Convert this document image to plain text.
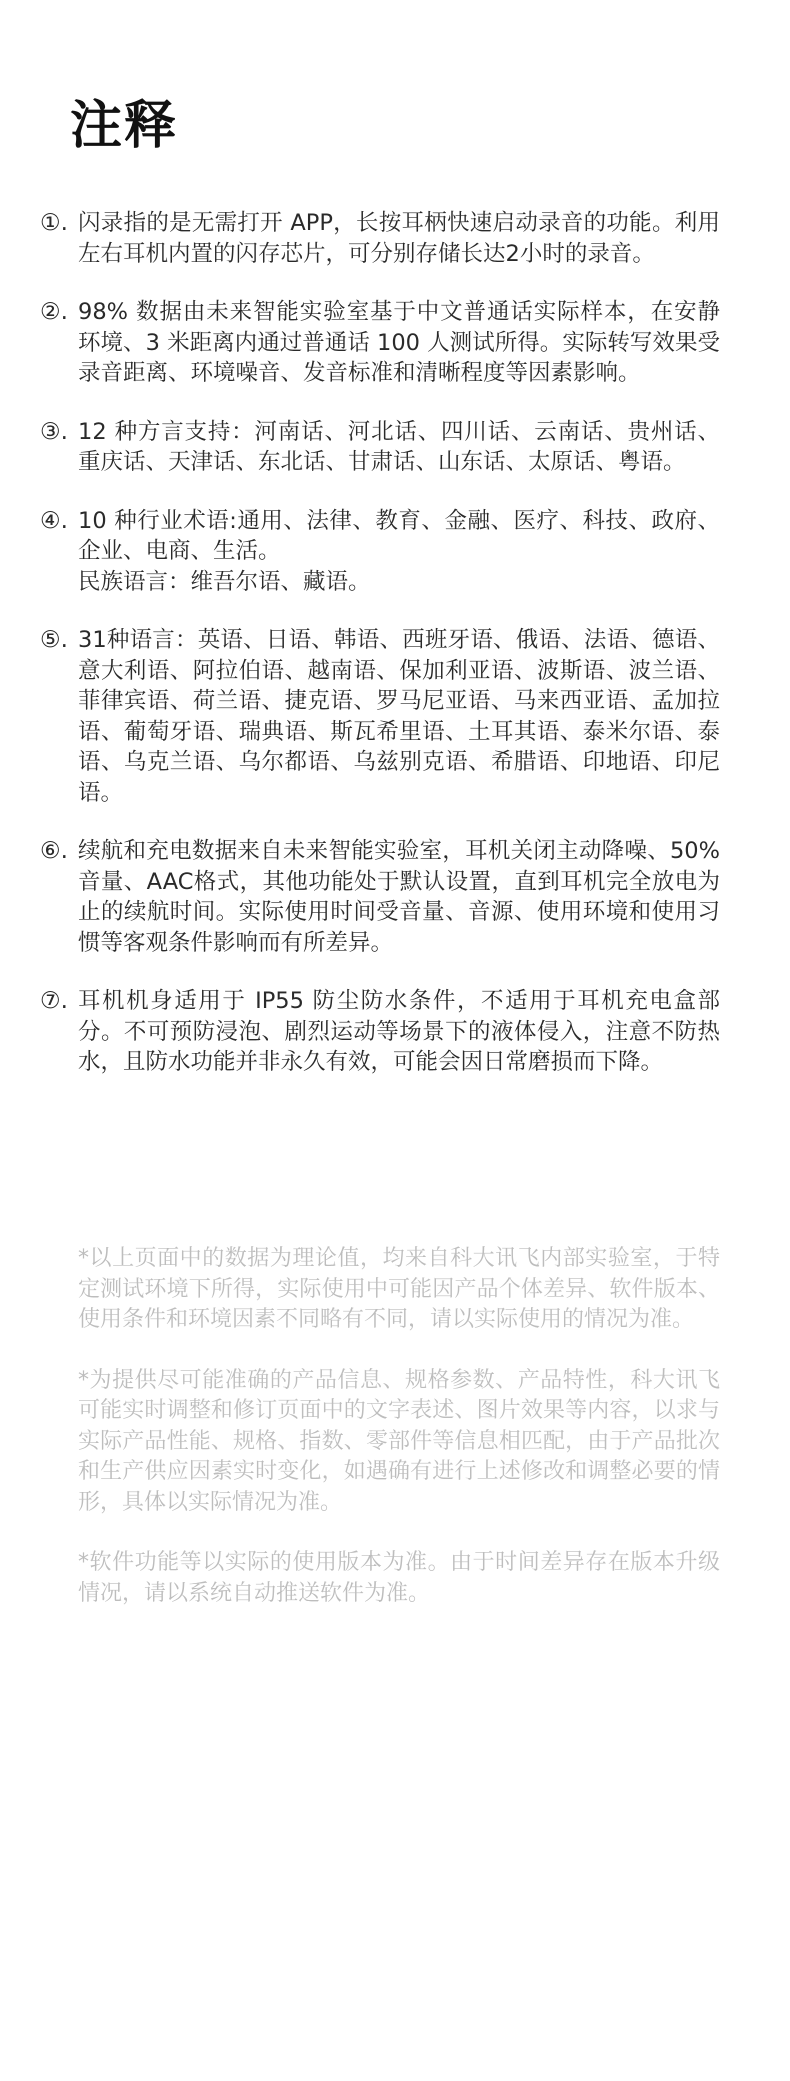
注释
①. 闪录指的是无需打开 APP，长按耳柄快速启动录音的功能。利用左右耳机内置的闪存芯片，可分别存储长达2小时的录音。

②. 98% 数据由未来智能实验室基于中文普通话实际样本，在安静环境、3 米距离内通过普通话 100 人测试所得。实际转写效果受录音距离、环境噪音、发音标准和清晰程度等因素影响。

③. 12 种方言支持：河南话、河北话、四川话、云南话、贵州话、重庆话、天津话、东北话、甘肃话、山东话、太原话、粤语。

④. 10 种行业术语:通用、法律、教育、金融、医疗、科技、政府、企业、电商、生活。

民族语言：维吾尔语、藏语。

⑤. 31种语言：英语、日语、韩语、西班牙语、俄语、法语、德语、意大利语、阿拉伯语、越南语、保加利亚语、波斯语、波兰语、菲律宾语、荷兰语、捷克语、罗马尼亚语、马来西亚语、孟加拉语、葡萄牙语、瑞典语、斯瓦希里语、土耳其语、泰米尔语、泰语、乌克兰语、乌尔都语、乌兹别克语、希腊语、印地语、印尼语。

⑥. 续航和充电数据来自未来智能实验室，耳机关闭主动降噪、50% 音量、AAC格式，其他功能处于默认设置，直到耳机完全放电为止的续航时间。实际使用时间受音量、音源、使用环境和使用习惯等客观条件影响而有所差异。

⑦. 耳机机身适用于 IP55 防尘防水条件，不适用于耳机充电盒部分。不可预防浸泡、剧烈运动等场景下的液体侵入，注意不防热水，且防水功能并非永久有效，可能会因日常磨损而下降。

*以上页面中的数据为理论值，均来自科大讯飞内部实验室，于特定测试环境下所得，实际使用中可能因产品个体差异、软件版本、使用条件和环境因素不同略有不同，请以实际使用的情况为准。

*为提供尽可能准确的产品信息、规格参数、产品特性，科大讯飞可能实时调整和修订页面中的文字表述、图片效果等内容，以求与实际产品性能、规格、指数、零部件等信息相匹配，由于产品批次和生产供应因素实时变化，如遇确有进行上述修改和调整必要的情形，具体以实际情况为准。

*软件功能等以实际的使用版本为准。由于时间差异存在版本升级情况，请以系统自动推送软件为准。
